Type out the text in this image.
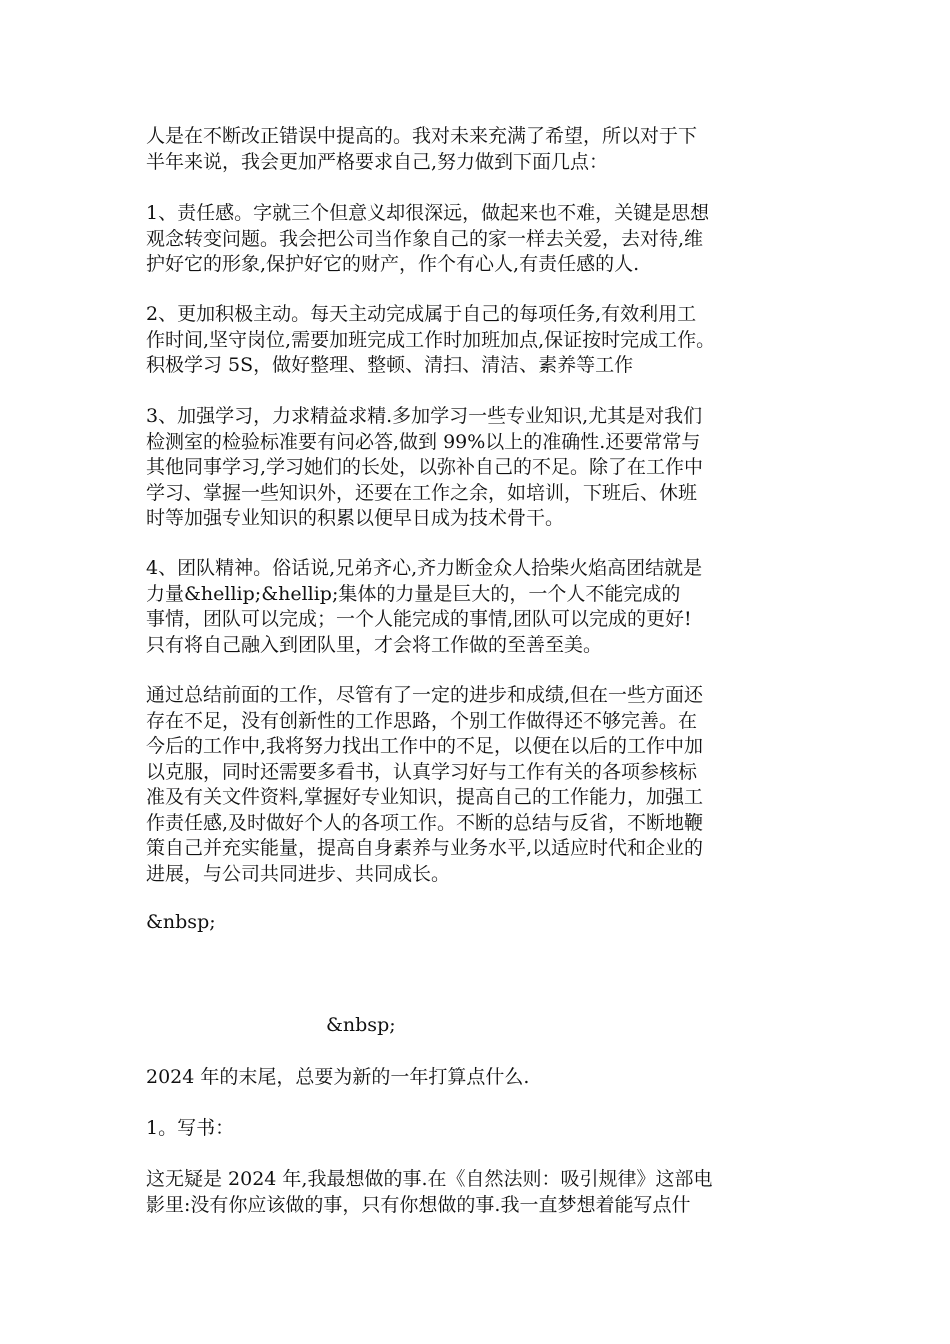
人是在不断改正错误中提高的。我对未来充满了希望，所以对于下
半年来说，我会更加严格要求自己,努力做到下面几点：
1、责任感。字就三个但意义却很深远，做起来也不难，关键是思想
观念转变问题。我会把公司当作象自己的家一样去关爱，去对待,维
护好它的形象,保护好它的财产，作个有心人,有责任感的人.
2、更加积极主动。每天主动完成属于自己的每项任务,有效利用工
作时间,坚守岗位,需要加班完成工作时加班加点,保证按时完成工作。
积极学习 5S，做好整理、整顿、清扫、清洁、素养等工作
3、加强学习，力求精益求精.多加学习一些专业知识,尤其是对我们
检测室的检验标准要有问必答,做到 99%以上的准确性.还要常常与
其他同事学习,学习她们的长处，以弥补自己的不足。除了在工作中
学习、掌握一些知识外，还要在工作之余，如培训，下班后、休班
时等加强专业知识的积累以便早日成为技术骨干。
4、团队精神。俗话说,兄弟齐心,齐力断金众人拾柴火焰高团结就是
力量&hellip;&hellip;集体的力量是巨大的，一个人不能完成的
事情，团队可以完成；一个人能完成的事情,团队可以完成的更好!
只有将自己融入到团队里，才会将工作做的至善至美。
通过总结前面的工作，尽管有了一定的进步和成绩,但在一些方面还
存在不足，没有创新性的工作思路，个别工作做得还不够完善。在
今后的工作中,我将努力找出工作中的不足，以便在以后的工作中加
以克服，同时还需要多看书，认真学习好与工作有关的各项参核标
准及有关文件资料,掌握好专业知识，提高自己的工作能力，加强工
作责任感,及时做好个人的各项工作。不断的总结与反省，不断地鞭
策自己并充实能量，提高自身素养与业务水平,以适应时代和企业的
进展，与公司共同进步、共同成长。
&nbsp;
&nbsp;
2024 年的末尾，总要为新的一年打算点什么.
1。写书：
这无疑是 2024 年,我最想做的事.在《自然法则：吸引规律》这部电
影里:没有你应该做的事，只有你想做的事.我一直梦想着能写点什
